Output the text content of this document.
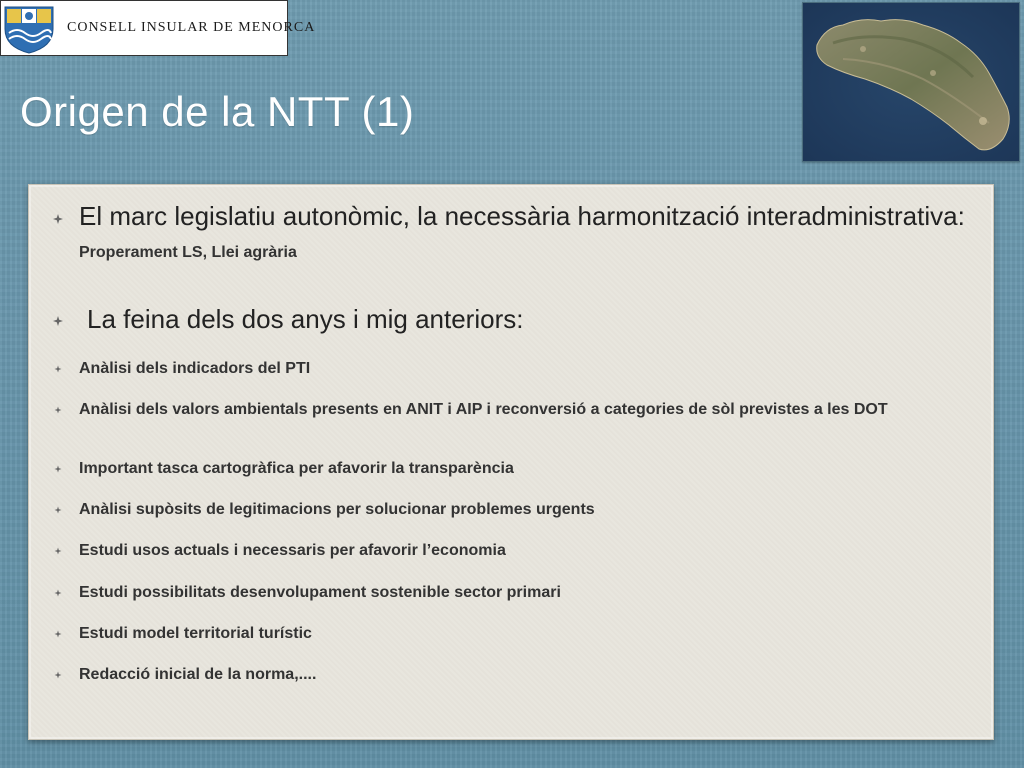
CONSELL INSULAR DE MENORCA
Origen de la NTT (1)
El marc legislatiu autonòmic, la necessària harmonització interadministrativa: Properament LS, Llei agrària
La feina dels dos anys i mig anteriors:
Anàlisi dels indicadors del PTI
Anàlisi dels valors ambientals presents en ANIT i AIP i reconversió a categories de sòl previstes a les DOT
Important tasca cartogràfica per afavorir la transparència
Anàlisi supòsits de legitimacions per solucionar problemes urgents
Estudi usos actuals i necessaris per afavorir l’economia
Estudi possibilitats desenvolupament sostenible sector primari
Estudi model territorial turístic
Redacció inicial de la norma,....
